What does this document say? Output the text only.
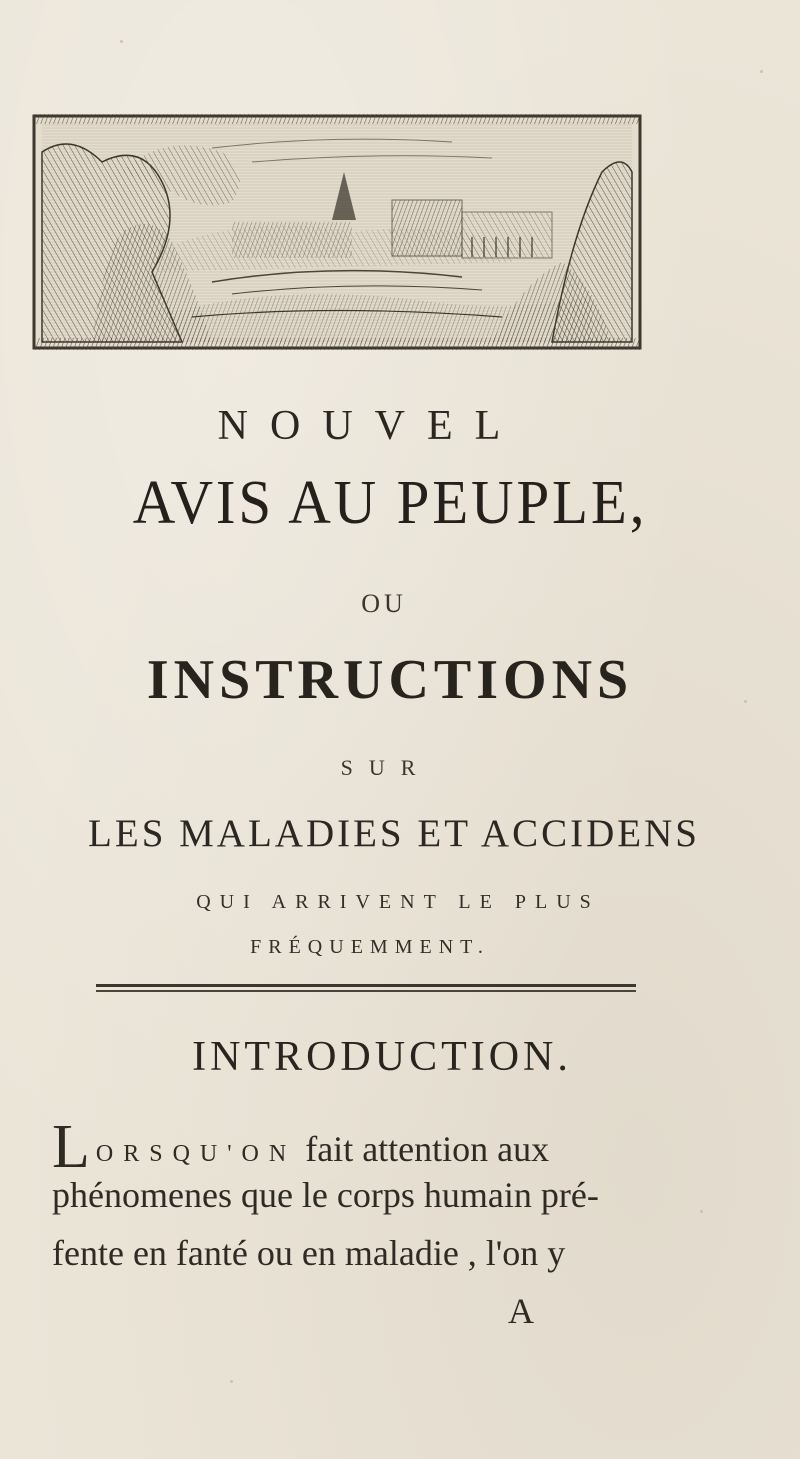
NOUVEL
AVIS AU PEUPLE,
OU
INSTRUCTIONS
SUR
LES MALADIES ET ACCIDENS
QUI ARRIVENT LE PLUS
FRÉQUEMMENT.
INTRODUCTION.
LORSQU'ON fait attention aux
phénomenes que le corps humain pré-
fente en fanté ou en maladie , l'on y
A
